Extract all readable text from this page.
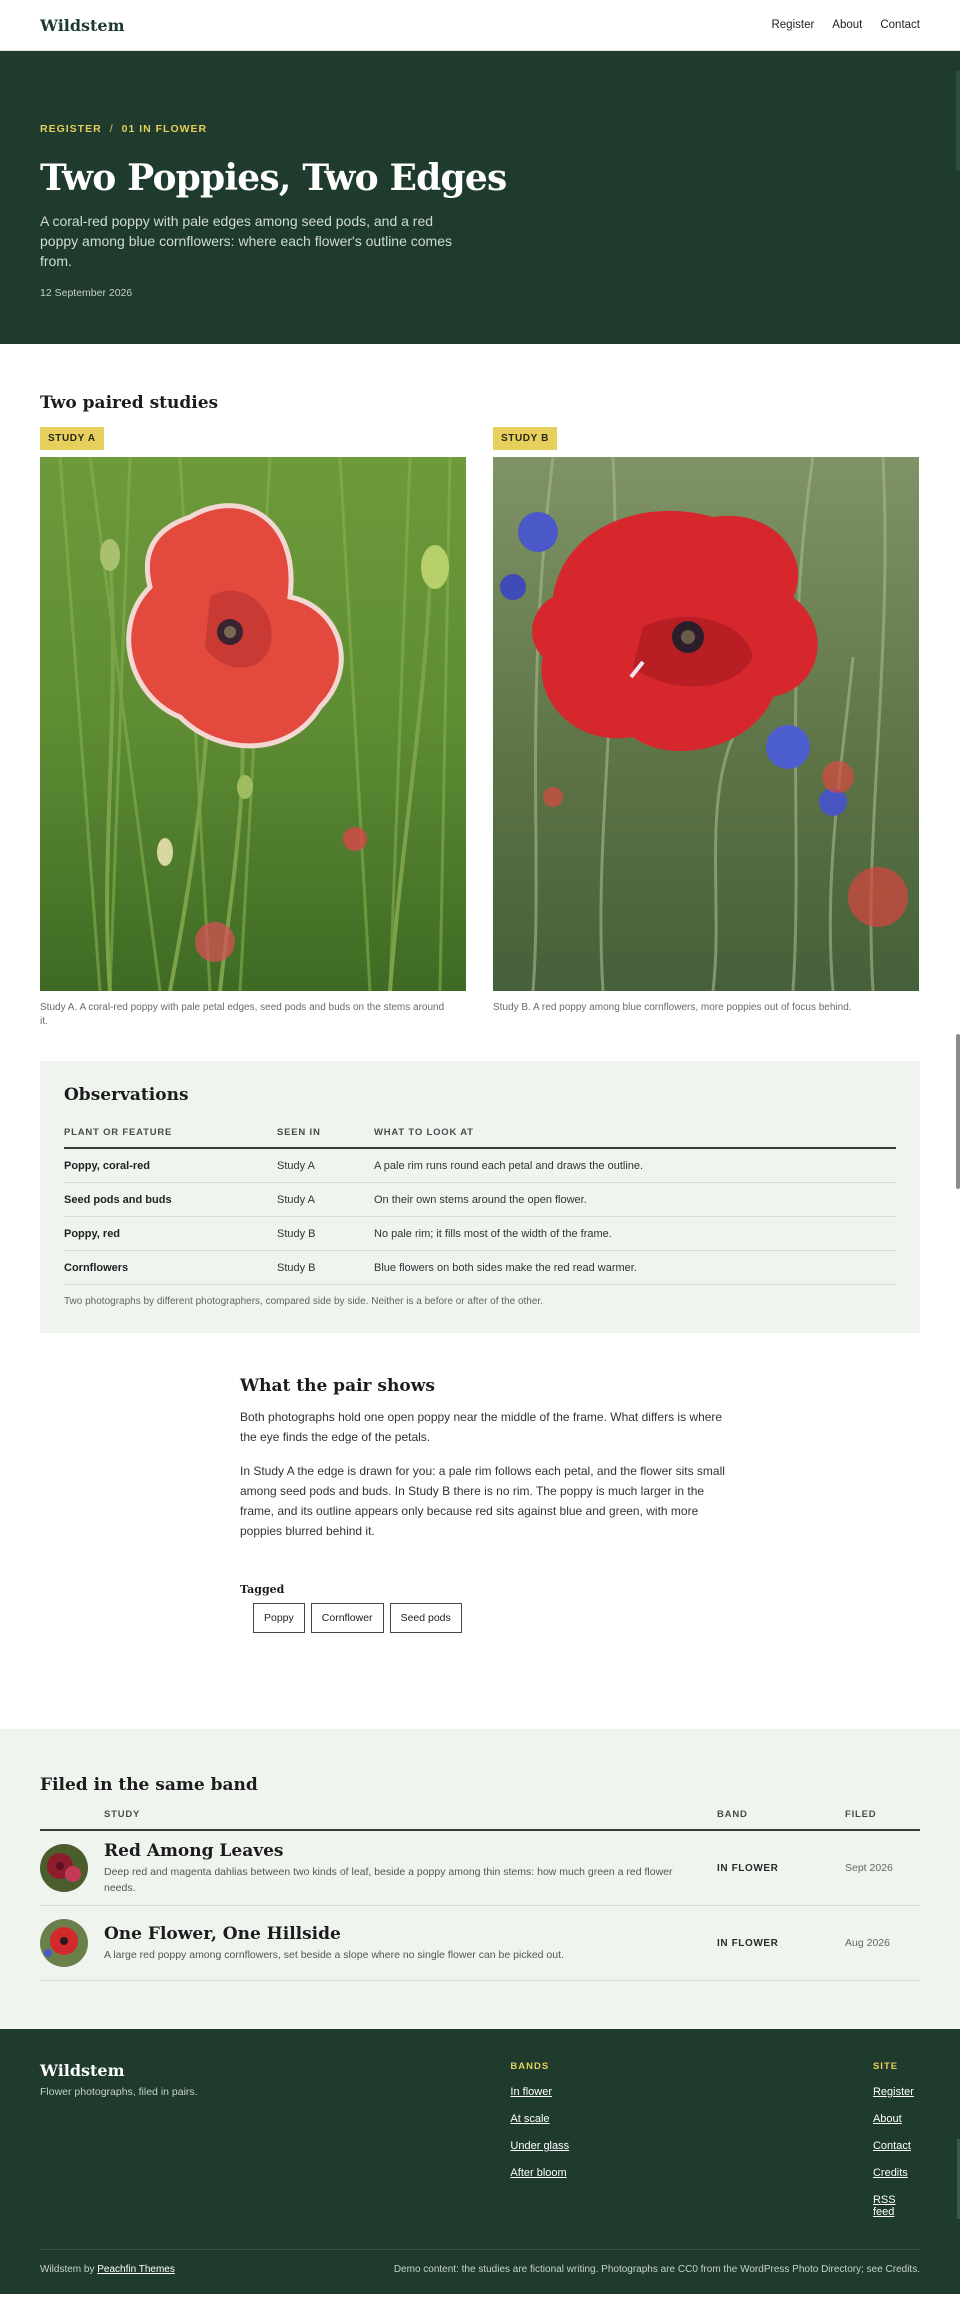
Wildstem	Register About Contact
REGISTER / 01 IN FLOWER
Two Poppies, Two Edges

A coral-red poppy with pale edges among seed pods, and a red poppy among blue cornflowers: where each flower's outline comes from.

12 September 2026

Two paired studies
STUDY A
Study A. A coral-red poppy with pale petal edges, seed pods and buds on the stems around it.
STUDY B
Study B. A red poppy among blue cornflowers, more poppies out of focus behind.
Observations
PLANT OR FEATURE	SEEN IN	WHAT TO LOOK AT
Poppy, coral-red	Study A	A pale rim runs round each petal and draws the outline.
Seed pods and buds	Study A	On their own stems around the open flower.
Poppy, red	Study B	No pale rim; it fills most of the width of the frame.
Cornflowers	Study B	Blue flowers on both sides make the red read warmer.

Two photographs by different photographers, compared side by side. Neither is a before or after of the other.

What the pair shows

Both photographs hold one open poppy near the middle of the frame. What differs is where the eye finds the edge of the petals.

In Study A the edge is drawn for you: a pale rim follows each petal, and the flower sits small among seed pods and buds. In Study B there is no rim. The poppy is much larger in the frame, and its outline appears only because red sits against blue and green, with more poppies blurred behind it.

Tagged
Poppy	Cornflower	Seed pods
Filed in the same band
	STUDY	BAND	FILED

Red Among Leaves
Deep red and magenta dahlias between two kinds of leaf, beside a poppy among thin stems: how much green a red flower needs.	IN FLOWER	Sept 2026

One Flower, One Hillside
A large red poppy among cornflowers, set beside a slope where no single flower can be picked out.	IN FLOWER	Aug 2026
Wildstem
Flower photographs, filed in pairs.
BANDS
In flower
At scale
Under glass
After bloom
SITE
Register
About
Contact
Credits
RSS feed
Wildstem by Peachfin Themes	Demo content: the studies are fictional writing. Photographs are CC0 from the WordPress Photo Directory; see Credits.
